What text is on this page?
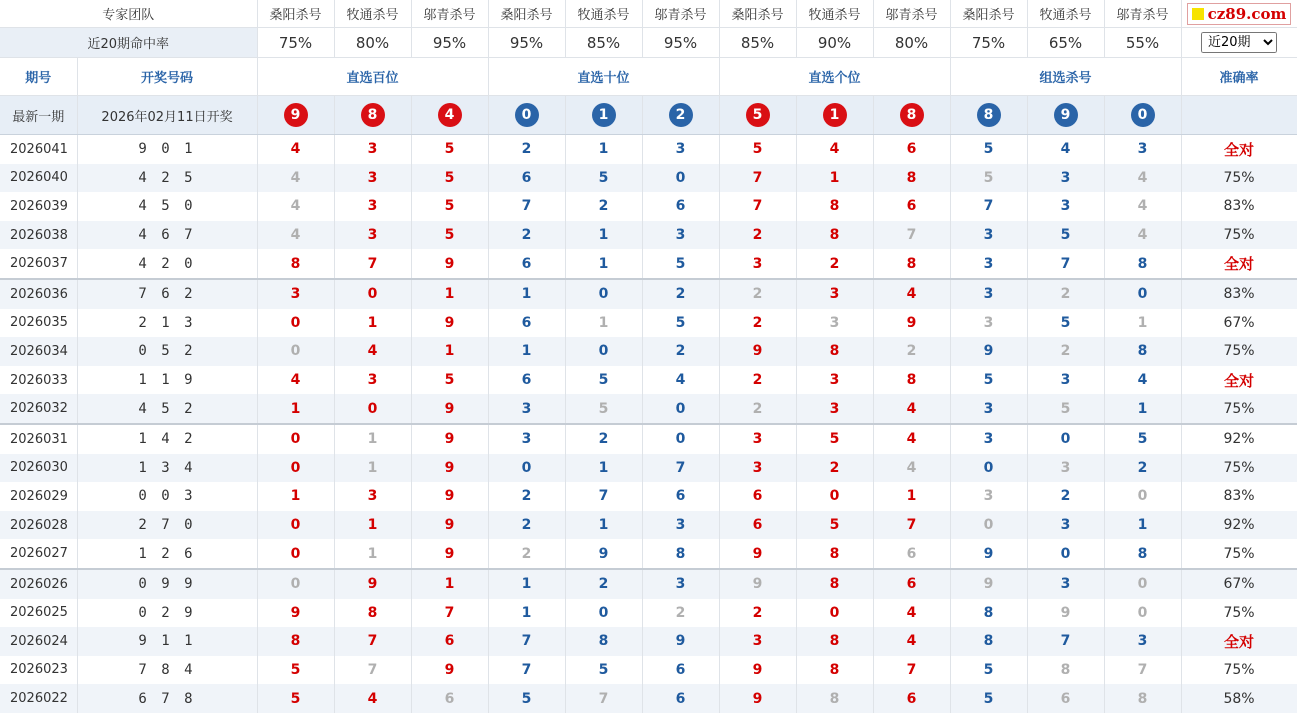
专家团队		桑阳杀号	牧通杀号	邬青杀号	桑阳杀号	牧通杀号	邬青杀号	桑阳杀号	牧通杀号	邬青杀号	桑阳杀号	牧通杀号	邬青杀号	cz89.com

近20期命中率		75%	80%	95%	95%	85%	95%	85%	90%	80%	75%	65%	55%	
近20期
期号	开奖号码	直选百位			直选十位			直选个位			组选杀号			准确率
最新一期	2026年02月11日开奖	9	8	4	0	1	2	5	1	8	8	9	0	
2026041	9 0 1	4	3	5	2	1	3	5	4	6	5	4	3	全对
2026040	4 2 5	4	3	5	6	5	0	7	1	8	5	3	4	75%
2026039	4 5 0	4	3	5	7	2	6	7	8	6	7	3	4	83%
2026038	4 6 7	4	3	5	2	1	3	2	8	7	3	5	4	75%
2026037	4 2 0	8	7	9	6	1	5	3	2	8	3	7	8	全对
2026036	7 6 2	3	0	1	1	0	2	2	3	4	3	2	0	83%
2026035	2 1 3	0	1	9	6	1	5	2	3	9	3	5	1	67%
2026034	0 5 2	0	4	1	1	0	2	9	8	2	9	2	8	75%
2026033	1 1 9	4	3	5	6	5	4	2	3	8	5	3	4	全对
2026032	4 5 2	1	0	9	3	5	0	2	3	4	3	5	1	75%
2026031	1 4 2	0	1	9	3	2	0	3	5	4	3	0	5	92%
2026030	1 3 4	0	1	9	0	1	7	3	2	4	0	3	2	75%
2026029	0 0 3	1	3	9	2	7	6	6	0	1	3	2	0	83%
2026028	2 7 0	0	1	9	2	1	3	6	5	7	0	3	1	92%
2026027	1 2 6	0	1	9	2	9	8	9	8	6	9	0	8	75%
2026026	0 9 9	0	9	1	1	2	3	9	8	6	9	3	0	67%
2026025	0 2 9	9	8	7	1	0	2	2	0	4	8	9	0	75%
2026024	9 1 1	8	7	6	7	8	9	3	8	4	8	7	3	全对
2026023	7 8 4	5	7	9	7	5	6	9	8	7	5	8	7	75%
2026022	6 7 8	5	4	6	5	7	6	9	8	6	5	6	8	58%
